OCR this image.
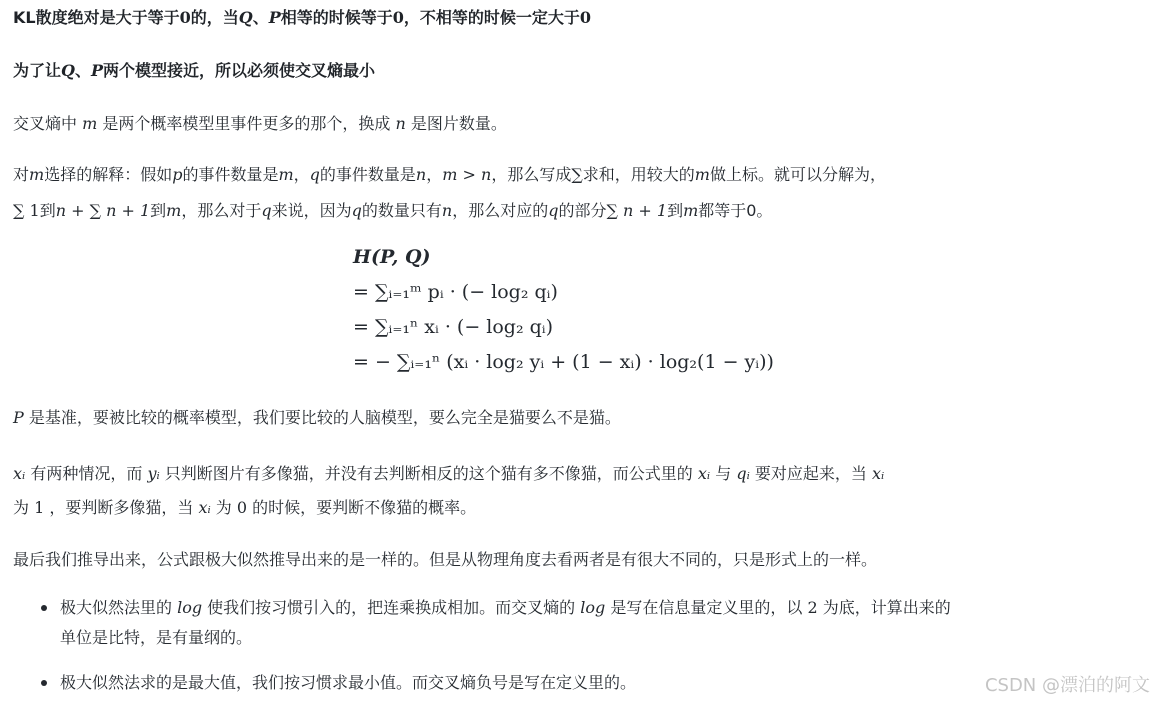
KL散度绝对是大于等于0的，当Q、P相等的时候等于0，不相等的时候一定大于0
为了让Q、P两个模型接近，所以必须使交叉熵最小
交叉熵中 m 是两个概率模型里事件更多的那个，换成 n 是图片数量。
对m选择的解释：假如p的事件数量是m，q的事件数量是n，m > n，那么写成∑求和，用较大的m做上标。就可以分解为，
∑ 1到n + ∑ n + 1到m，那么对于q来说，因为q的数量只有n，那么对应的q的部分∑ n + 1到m都等于0。
H(P, Q)
= ∑ᵢ₌₁ᵐ pᵢ · (− log₂ qᵢ)
= ∑ᵢ₌₁ⁿ xᵢ · (− log₂ qᵢ)
= − ∑ᵢ₌₁ⁿ (xᵢ · log₂ yᵢ + (1 − xᵢ) · log₂(1 − yᵢ))
P 是基准，要被比较的概率模型，我们要比较的人脑模型，要么完全是猫要么不是猫。
xᵢ 有两种情况，而 yᵢ 只判断图片有多像猫，并没有去判断相反的这个猫有多不像猫，而公式里的 xᵢ 与 qᵢ 要对应起来，当 xᵢ
为 1 ，要判断多像猫，当 xᵢ 为 0 的时候，要判断不像猫的概率。
最后我们推导出来，公式跟极大似然推导出来的是一样的。但是从物理角度去看两者是有很大不同的，只是形式上的一样。
极大似然法里的 log 使我们按习惯引入的，把连乘换成相加。而交叉熵的 log 是写在信息量定义里的，以 2 为底，计算出来的
单位是比特，是有量纲的。
极大似然法求的是最大值，我们按习惯求最小值。而交叉熵负号是写在定义里的。	CSDN @漂泊的阿文
